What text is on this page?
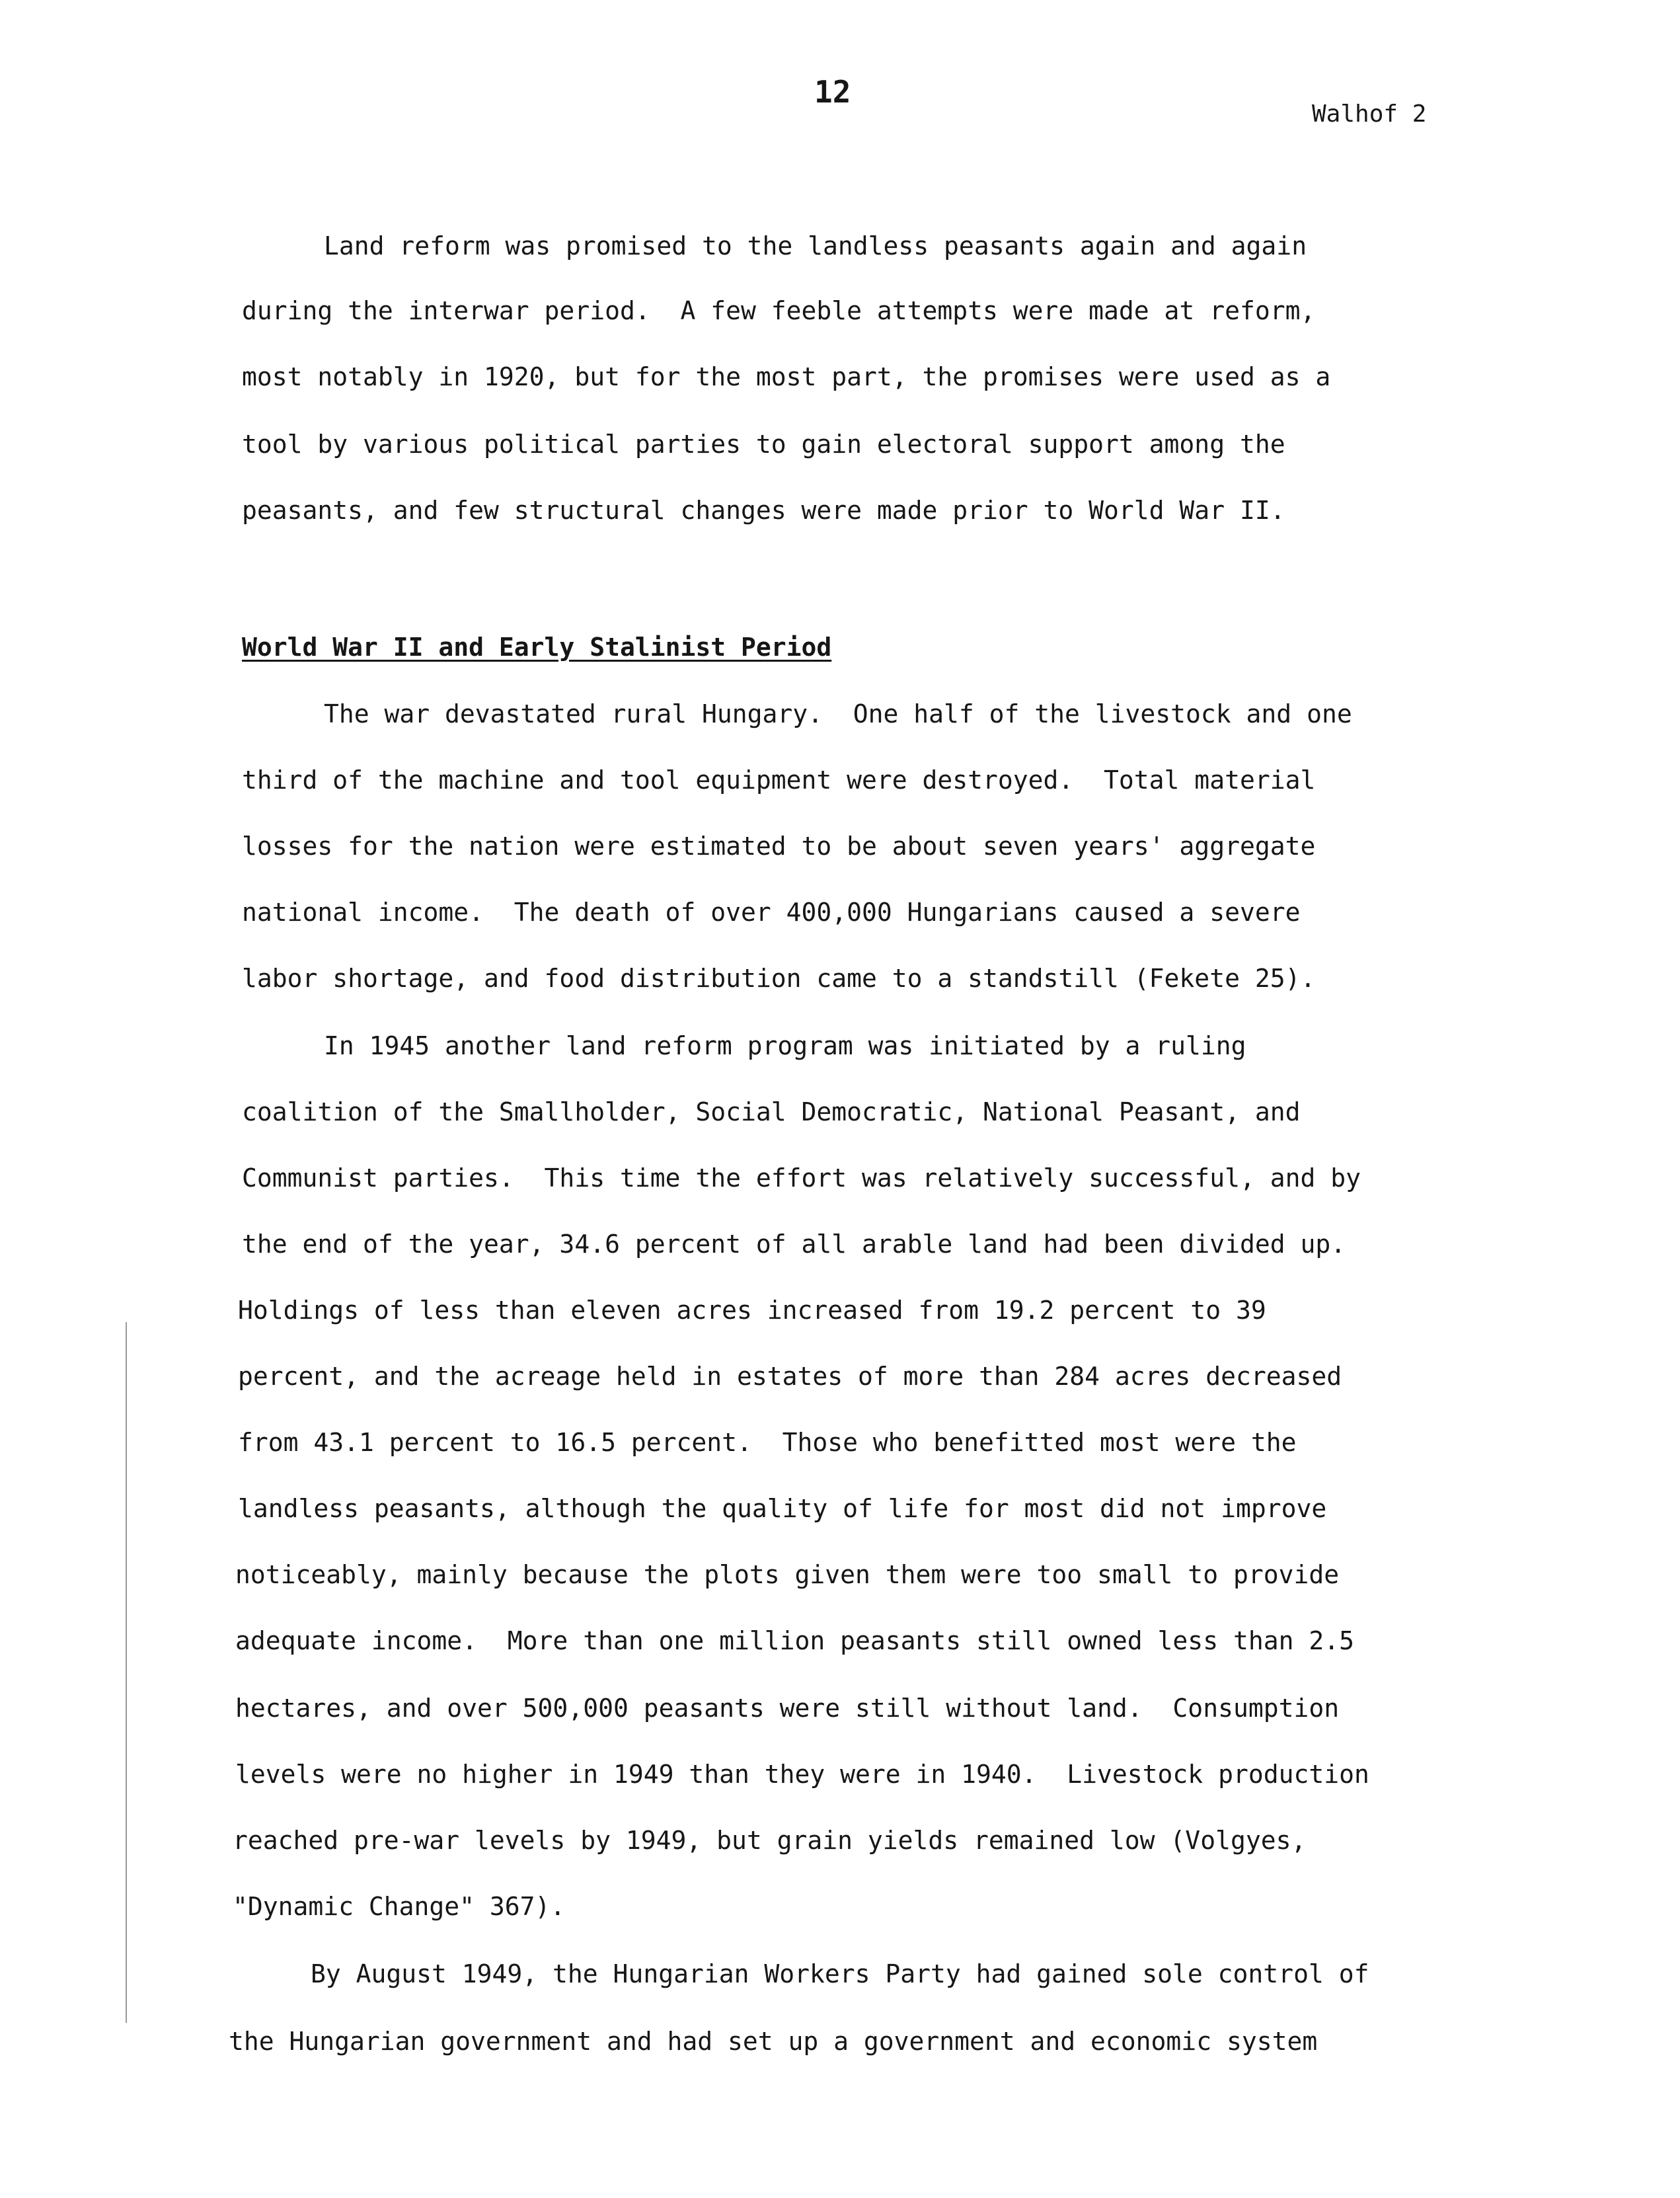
12
Walhof 2
Land reform was promised to the landless peasants again and again
during the interwar period.  A few feeble attempts were made at reform,
most notably in 1920, but for the most part, the promises were used as a
tool by various political parties to gain electoral support among the
peasants, and few structural changes were made prior to World War II.
World War II and Early Stalinist Period
The war devastated rural Hungary.  One half of the livestock and one
third of the machine and tool equipment were destroyed.  Total material
losses for the nation were estimated to be about seven years' aggregate
national income.  The death of over 400,000 Hungarians caused a severe
labor shortage, and food distribution came to a standstill (Fekete 25).
In 1945 another land reform program was initiated by a ruling
coalition of the Smallholder, Social Democratic, National Peasant, and
Communist parties.  This time the effort was relatively successful, and by
the end of the year, 34.6 percent of all arable land had been divided up.
Holdings of less than eleven acres increased from 19.2 percent to 39
percent, and the acreage held in estates of more than 284 acres decreased
from 43.1 percent to 16.5 percent.  Those who benefitted most were the
landless peasants, although the quality of life for most did not improve
noticeably, mainly because the plots given them were too small to provide
adequate income.  More than one million peasants still owned less than 2.5
hectares, and over 500,000 peasants were still without land.  Consumption
levels were no higher in 1949 than they were in 1940.  Livestock production
reached pre-war levels by 1949, but grain yields remained low (Volgyes,
"Dynamic Change" 367).
By August 1949, the Hungarian Workers Party had gained sole control of
the Hungarian government and had set up a government and economic system
